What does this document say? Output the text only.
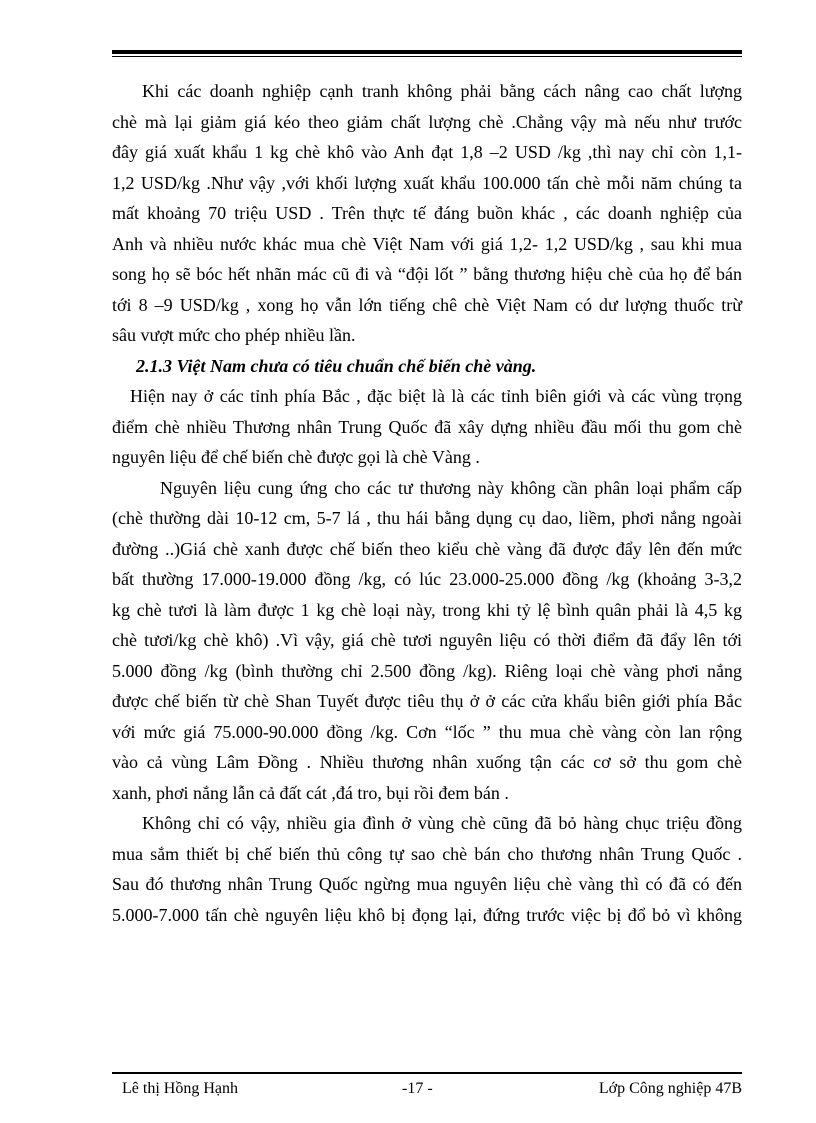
Khi các doanh nghiệp cạnh tranh không phải bằng cách nâng cao chất lượng
chè mà lại giảm giá kéo theo giảm chất lượng chè .Chẳng vậy mà nếu như trước
đây giá xuất khẩu 1 kg chè khô vào Anh đạt 1,8 –2 USD /kg ,thì nay chỉ còn 1,1-
1,2 USD/kg .Như vậy ,với khối lượng xuất khẩu 100.000 tấn chè mỗi năm chúng ta
mất khoảng 70 triệu USD . Trên thực tế đáng buồn khác , các doanh nghiệp của
Anh và nhiều nước khác mua chè Việt Nam với giá 1,2- 1,2 USD/kg , sau khi mua
song họ sẽ bóc hết nhãn mác cũ đi và “đội lốt ” bằng thương hiệu chè của họ để bán
tới 8 –9 USD/kg , xong họ vẫn lớn tiếng chê chè Việt Nam có dư lượng thuốc trừ
sâu vượt mức cho phép nhiều lần.

2.1.3 Việt Nam chưa có tiêu chuẩn chế biến chè vàng.

Hiện nay ở các tỉnh phía Bắc , đặc biệt là là các tỉnh biên giới và các vùng trọng
điểm chè nhiều Thương nhân Trung Quốc đã xây dựng nhiều đầu mối thu gom chè
nguyên liệu để chế biến chè được gọi là chè Vàng .

Nguyên liệu cung ứng cho các tư thương này không cần phân loại phẩm cấp
(chè thường dài 10-12 cm, 5-7 lá , thu hái bằng dụng cụ dao, liềm, phơi nắng ngoài
đường ..)Giá chè xanh được chế biến theo kiểu chè vàng đã được đẩy lên đến mức
bất thường 17.000-19.000 đồng /kg, có lúc 23.000-25.000 đồng /kg (khoảng 3-3,2
kg chè tươi là làm được 1 kg chè loại này, trong khi tỷ lệ bình quân phải là 4,5 kg
chè tươi/kg chè khô) .Vì vậy, giá chè tươi nguyên liệu có thời điểm đã đẩy lên tới
5.000 đồng /kg (bình thường chỉ 2.500 đồng /kg). Riêng loại chè vàng phơi nắng
được chế biến từ chè Shan Tuyết được tiêu thụ ở ở các cửa khẩu biên giới phía Bắc
với mức giá 75.000-90.000 đồng /kg. Cơn “lốc ” thu mua chè vàng còn lan rộng
vào cả vùng Lâm Đồng . Nhiều thương nhân xuống tận các cơ sở thu gom chè
xanh, phơi nắng lẫn cả đất cát ,đá tro, bụi rồi đem bán .

Không chỉ có vậy, nhiều gia đình ở vùng chè cũng đã bỏ hàng chục triệu đồng
mua sắm thiết bị chế biến thủ công tự sao chè bán cho thương nhân Trung Quốc .
Sau đó thương nhân Trung Quốc ngừng mua nguyên liệu chè vàng thì có đã có đến
5.000-7.000 tấn chè nguyên liệu khô bị đọng lại, đứng trước việc bị đổ bỏ vì không

Lê thị Hồng Hạnh	-17 -	Lớp Công nghiệp 47B
